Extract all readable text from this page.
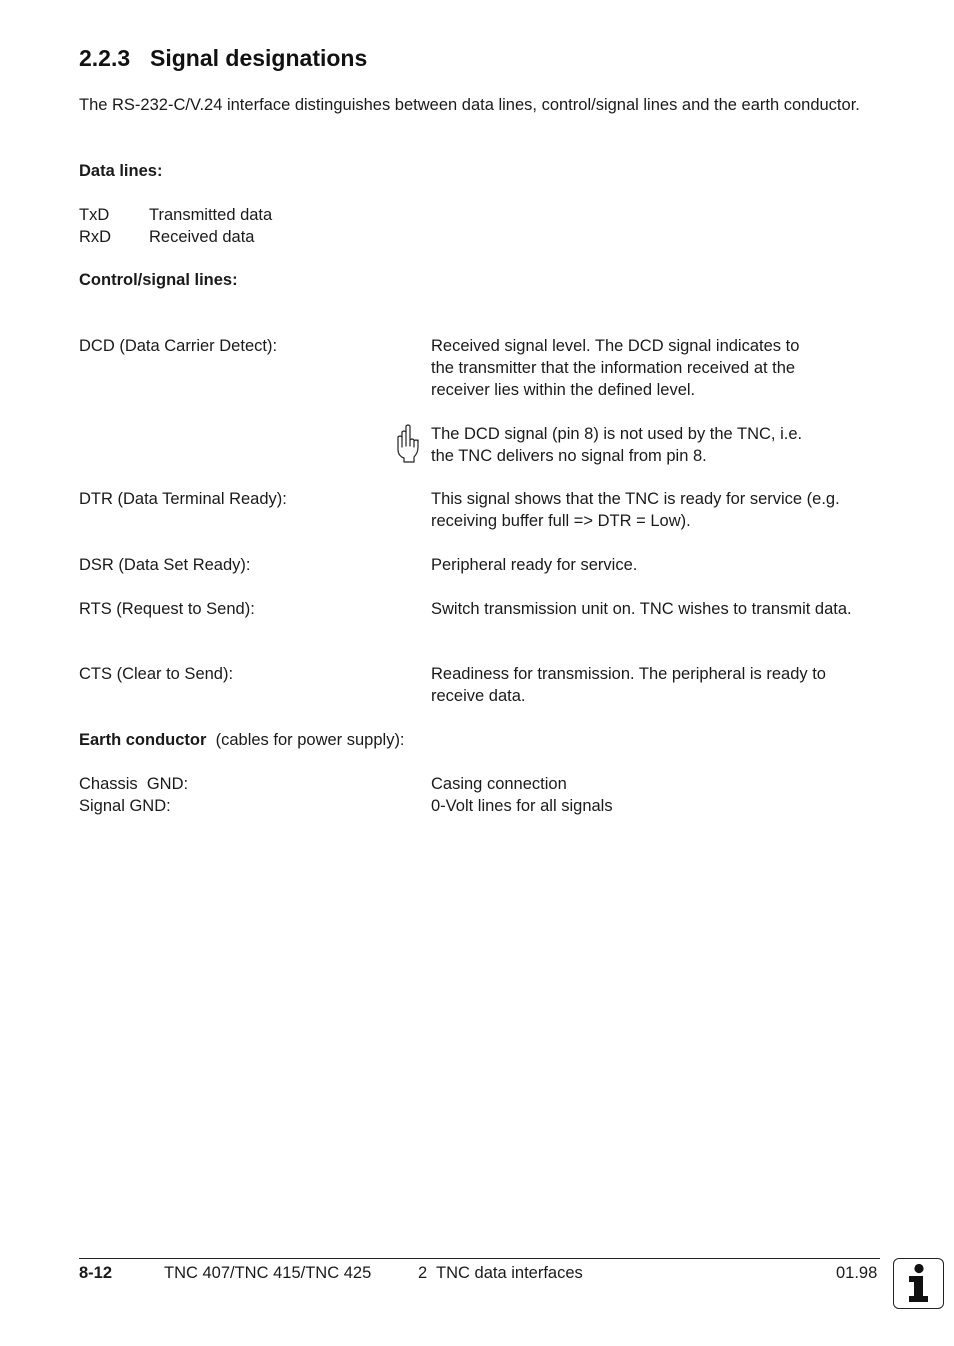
2.2.3 Signal designations
The RS-232-C/V.24 interface distinguishes between data lines, control/signal lines and the earth conductor.
Data lines:
TxD Transmitted data
RxD Received data
Control/signal lines:
DCD (Data Carrier Detect):	Received signal level. The DCD signal indicates to the transmitter that the information received at the receiver lies within the defined level.
The DCD signal (pin 8) is not used by the TNC, i.e. the TNC delivers no signal from pin 8.
DTR (Data Terminal Ready):	This signal shows that the TNC is ready for service (e.g. receiving buffer full => DTR = Low).
DSR (Data Set Ready):	Peripheral ready for service.
RTS (Request to Send):	Switch transmission unit on. TNC wishes to transmit data.
CTS (Clear to Send):	Readiness for transmission. The peripheral is ready to receive data.
Earth conductor (cables for power supply):
Chassis  GND:	Casing connection
Signal GND:	0-Volt lines for all signals
8-12	TNC 407/TNC 415/TNC 425	2  TNC data interfaces	01.98
